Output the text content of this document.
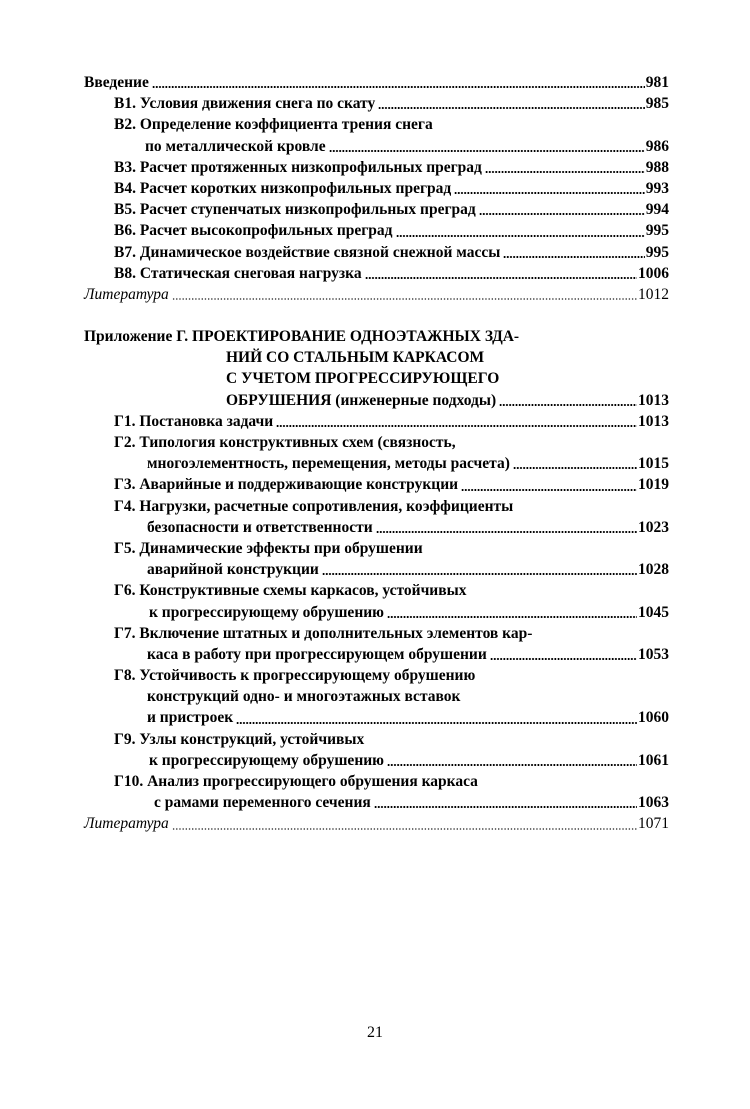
Введение	981
В1. Условия движения снега по скату	985
В2. Определение коэффициента трения снега
по металлической кровле	986
В3. Расчет протяженных низкопрофильных преград	988
В4. Расчет коротких низкопрофильных преград	993
В5. Расчет ступенчатых низкопрофильных преград	994
В6. Расчет высокопрофильных преград	995
В7. Динамическое воздействие связной снежной массы	995
В8. Статическая снеговая нагрузка	1006
Литература	1012
Приложение Г. ПРОЕКТИРОВАНИЕ ОДНОЭТАЖНЫХ ЗДА-
НИЙ СО СТАЛЬНЫМ КАРКАСОМ
С УЧЕТОМ ПРОГРЕССИРУЮЩЕГО
ОБРУШЕНИЯ (инженерные подходы)	1013
Г1. Постановка задачи	1013
Г2. Типология конструктивных схем (связность,
многоэлементность, перемещения, методы расчета)	1015
Г3. Аварийные и поддерживающие конструкции	1019
Г4. Нагрузки, расчетные сопротивления, коэффициенты
безопасности и ответственности	1023
Г5. Динамические эффекты при обрушении
аварийной конструкции	1028
Г6. Конструктивные схемы каркасов, устойчивых
к прогрессирующему обрушению	1045
Г7. Включение штатных и дополнительных элементов кар-
каса в работу при прогрессирующем обрушении	1053
Г8. Устойчивость к прогрессирующему обрушению
конструкций одно- и многоэтажных вставок
и пристроек	1060
Г9. Узлы конструкций, устойчивых
к прогрессирующему обрушению	1061
Г10. Анализ прогрессирующего обрушения каркаса
с рамами переменного сечения	1063
Литература	1071
21
